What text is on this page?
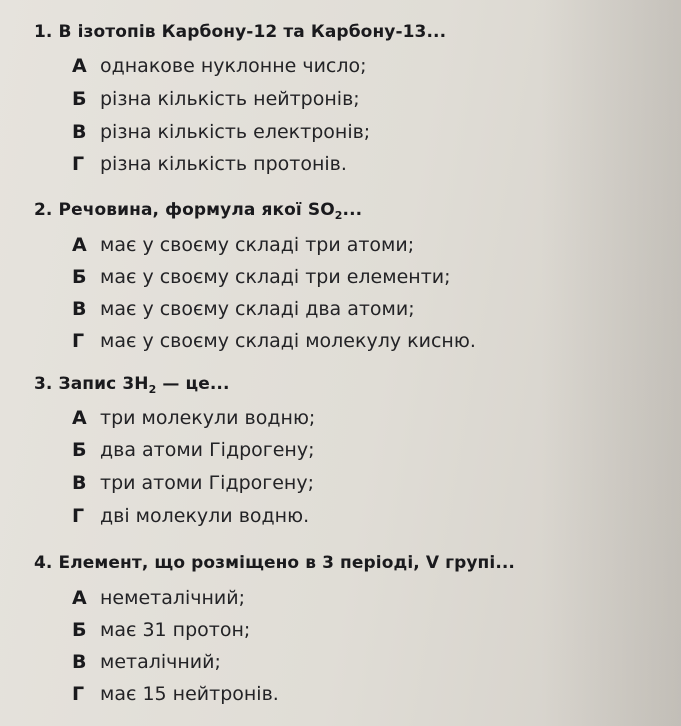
1. В ізотопів Карбону-12 та Карбону-13...
А однакове нуклонне число;
Б різна кількість нейтронів;
В різна кількість електронів;
Г різна кількість протонів.
2. Речовина, формула якої $SO_2$...
А має у своєму складі три атоми;
Б має у своєму складі три елементи;
В має у своєму складі два атоми;
Г має у своєму складі молекулу кисню.
3. Запис $3H_2$ — це...
А три молекули водню;
Б два атоми Гідрогену;
В три атоми Гідрогену;
Г дві молекули водню.
4. Елемент, що розміщено в 3 періоді, V групі...
А неметалічний;
Б має 31 протон;
В металічний;
Г має 15 нейтронів.
